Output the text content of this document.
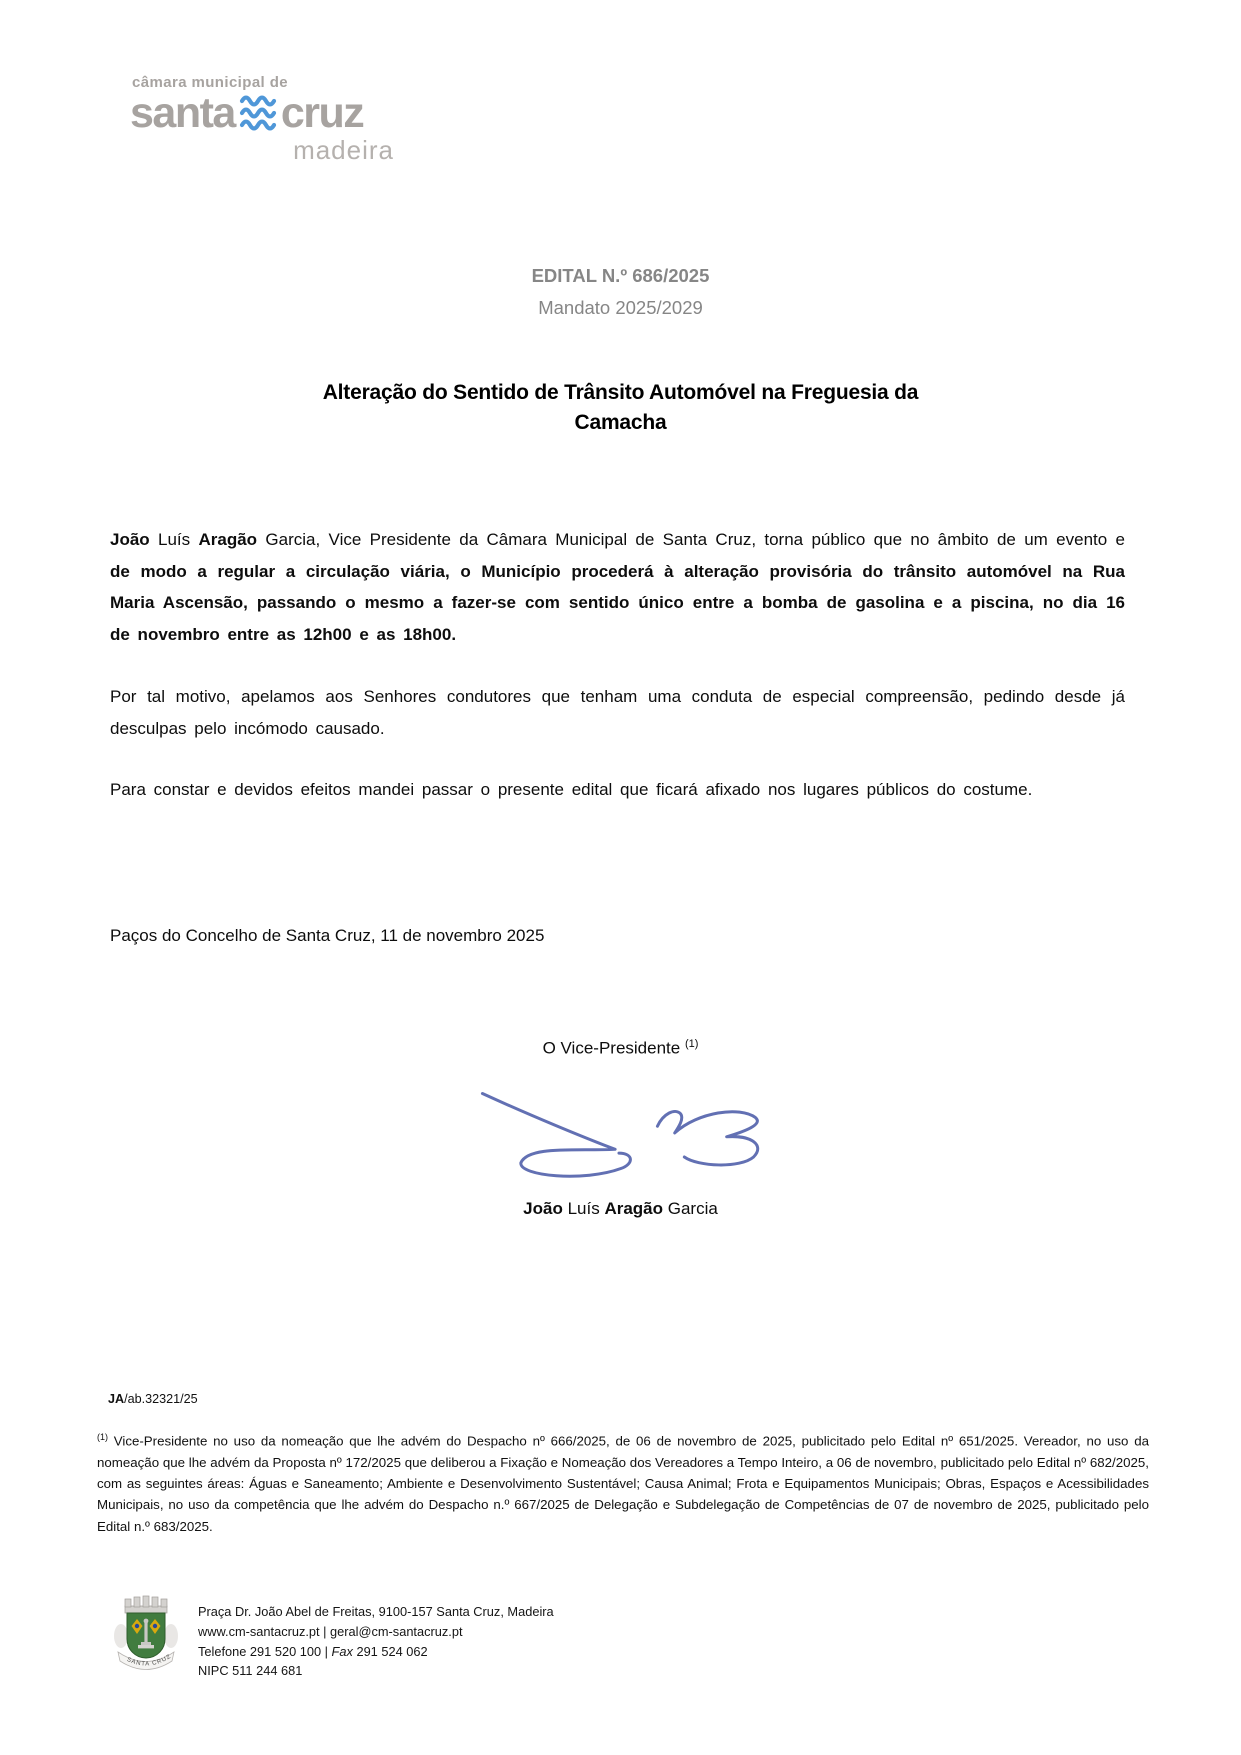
câmara municipal de
santa cruz
madeira
EDITAL N.º 686/2025
Mandato 2025/2029
Alteração do Sentido de Trânsito Automóvel na Freguesia da
Camacha

João Luís Aragão Garcia, Vice Presidente da Câmara Municipal de Santa Cruz, torna público que no âmbito de um evento e de modo a regular a circulação viária, o Município procederá à alteração provisória do trânsito automóvel na Rua Maria Ascensão, passando o mesmo a fazer-se com sentido único entre a bomba de gasolina e a piscina, no dia 16 de novembro entre as 12h00 e as 18h00.

Por tal motivo, apelamos aos Senhores condutores que tenham uma conduta de especial compreensão, pedindo desde já desculpas pelo incómodo causado.

Para constar e devidos efeitos mandei passar o presente edital que ficará afixado nos lugares públicos do costume.

Paços do Concelho de Santa Cruz, 11 de novembro 2025
O Vice-Presidente $^{(1)}$
João Luís Aragão Garcia
JA/ab.32321/25
$^{(1)}$ Vice-Presidente no uso da nomeação que lhe advém do Despacho nº 666/2025, de 06 de novembro de 2025, publicitado pelo Edital nº 651/2025. Vereador, no uso da nomeação que lhe advém da Proposta nº 172/2025 que deliberou a Fixação e Nomeação dos Vereadores a Tempo Inteiro, a 06 de novembro, publicitado pelo Edital nº 682/2025, com as seguintes áreas: Águas e Saneamento; Ambiente e Desenvolvimento Sustentável; Causa Animal; Frota e Equipamentos Municipais; Obras, Espaços e Acessibilidades Municipais, no uso da competência que lhe advém do Despacho n.º 667/2025 de Delegação e Subdelegação de Competências de 07 de novembro de 2025, publicitado pelo Edital n.º 683/2025.
SANTA CRUZ
Praça Dr. João Abel de Freitas, 9100-157 Santa Cruz, Madeira
www.cm-santacruz.pt | geral@cm-santacruz.pt
Telefone 291 520 100 | Fax 291 524 062
NIPC 511 244 681
